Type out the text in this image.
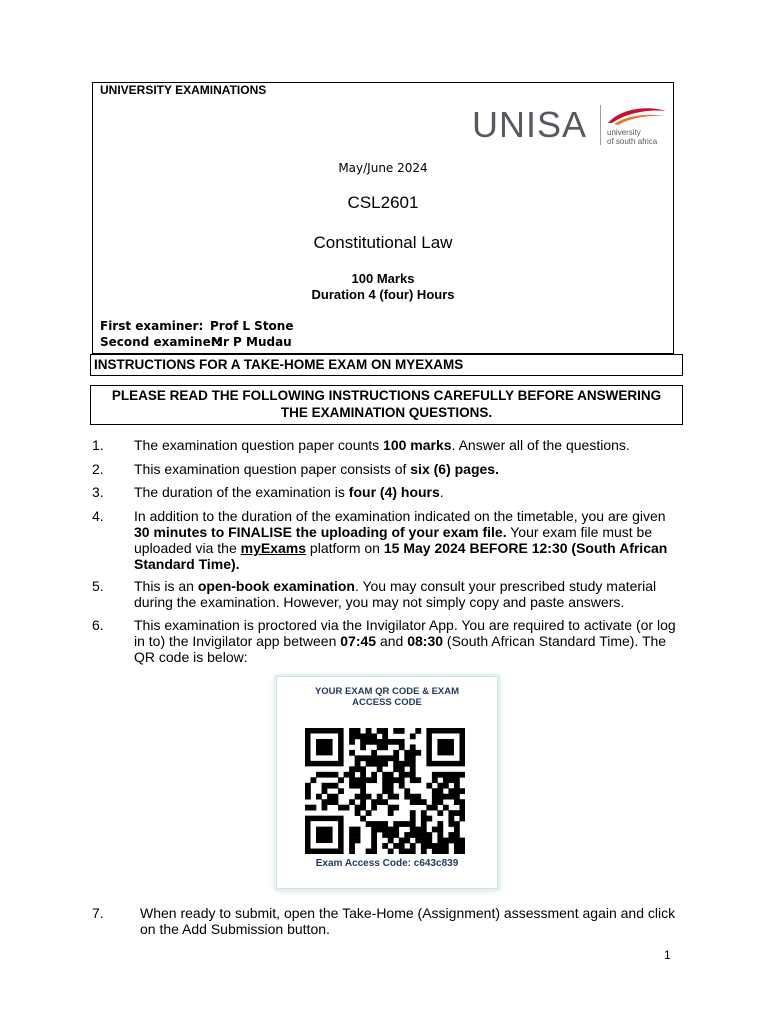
UNIVERSITY EXAMINATIONS
UNISA university
of south africa
May/June 2024
CSL2601
Constitutional Law
100 Marks
Duration 4 (four) Hours
First examiner: Prof L Stone
Second examiner:
Mr P Mudau
INSTRUCTIONS FOR A TAKE-HOME EXAM ON MYEXAMS
PLEASE READ THE FOLLOWING INSTRUCTIONS CAREFULLY BEFORE ANSWERING
THE EXAMINATION QUESTIONS.
1. The examination question paper counts 100 marks. Answer all of the questions.
2. This examination question paper consists of six (6) pages.
3. The duration of the examination is four (4) hours.
4. In addition to the duration of the examination indicated on the timetable, you are given 30 minutes to FINALISE the uploading of your exam file. Your exam file must be uploaded via the myExams platform on 15 May 2024 BEFORE 12:30 (South African Standard Time).
5. This is an open-book examination. You may consult your prescribed study material during the examination. However, you may not simply copy and paste answers.
6. This examination is proctored via the Invigilator App. You are required to activate (or log in to) the Invigilator app between 07:45 and 08:30 (South African Standard Time). The QR code is below:
YOUR EXAM QR CODE & EXAM
ACCESS CODE
Exam Access Code: c643c839
7.	When ready to submit, open the Take-Home (Assignment) assessment again and click on the Add Submission button.
1
